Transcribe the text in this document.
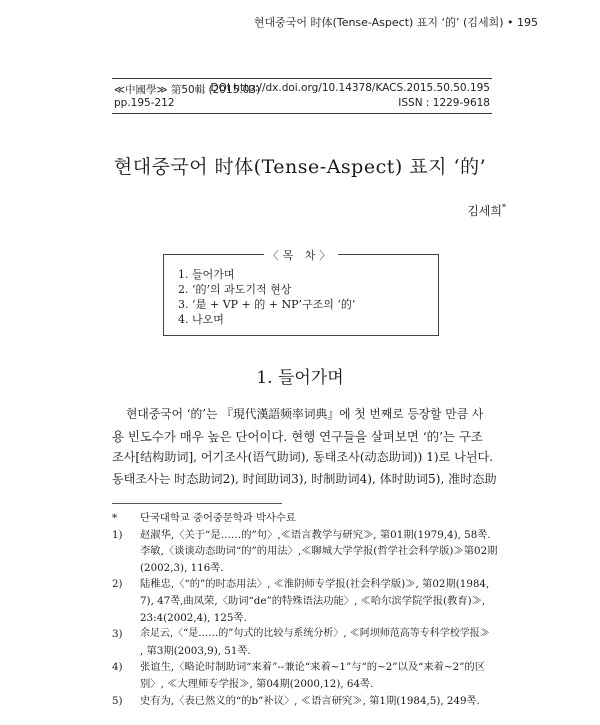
현대중국어 时体(Tense-Aspect) 표지 ‘的’ (김세희) • 195
≪中國學≫ 第50輯 (2015.03)
DOI http://dx.doi.org/10.14378/KACS.2015.50.50.195
pp.195-212	ISSN : 1229-9618
현대중국어 时体(Tense-Aspect) 표지 ‘的’
김세희*
〈목 차〉
1. 들어가며
2. ‘的’의 과도기적 현상
3. ‘是 + VP + 的 + NP’구조의 ‘的’
4. 나오며
1. 들어가며
현대중국어 ‘的’는 『現代漢語频率词典』에 첫 번째로 등장할 만큼 사
용 빈도수가 매우 높은 단어이다. 현행 연구들을 살펴보면 ‘的’는 구조
조사[结构助词], 어기조사(语气助词), 동태조사(动态助词)) 1)로 나뉜다.
동태조사는 时态助词2), 时间助词3), 时制助词4), 体时助词5), 准时态助
* 단국대학교 중어중문학과 박사수료
1) 赵淑华,〈关于“是……的”句〉,≪语言教学与研究≫, 第01期(1979,4), 58쪽.
李敏,〈谈谈动态助词“的”的用法〉,≪聊城大学学报(哲学社会科学版)≫第02期
(2002,3), 116쪽.
2) 陆稚忠,〈“的”的时态用法〉, ≪淮阴师专学报(社会科学版)≫, 第02期(1984,
7), 47쪽,曲凤荣,〈助词“de”的特殊语法功能〉, ≪哈尔滨学院学报(教育)≫,
23:4(2002,4), 125쪽.
3) 余足云,〈“是……的”句式的比较与系统分析〉, ≪阿坝师范高等专科学校学报≫
, 第3期(2003,9), 51쪽.
4) 张谊生,〈略论时制助词“来着”--兼论“来着~1”与“的~2”以及“来着~2”的区
别〉, ≪大理师专学报≫, 第04期(2000,12), 64쪽.
5) 史有为,〈表已然义的“的b”补议〉, ≪语言研究≫, 第1期(1984,5), 249쪽.
